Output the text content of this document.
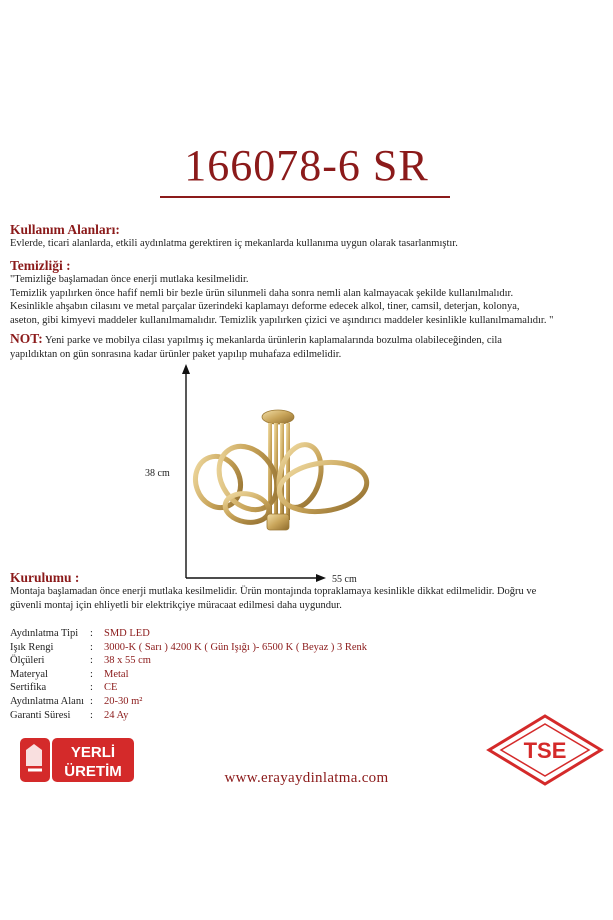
166078-6 SR
Kullanım Alanları:
Evlerde, ticari alanlarda, etkili aydınlatma gerektiren iç mekanlarda kullanıma uygun olarak tasarlanmıştır.
Temizliği :
"Temizliğe başlamadan önce enerji mutlaka kesilmelidir.
Temizlik yapılırken önce hafif nemli bir bezle ürün silunmeli daha sonra nemli alan kalmayacak şekilde kullanılmalıdır.
Kesinlikle ahşabın cilasını ve metal parçalar üzerindeki kaplamayı deforme edecek alkol, tiner, camsil, deterjan, kolonya,
aseton, gibi kimyevi maddeler kullanılmamalıdır. Temizlik yapılırken çizici ve aşındırıcı maddeler kesinlikle kullanılmamalıdır. "
NOT: Yeni parke ve mobilya cilası yapılmış iç mekanlarda ürünlerin kaplamalarında bozulma olabileceğinden, cila
yapıldıktan on gün sonrasına kadar ürünler paket yapılıp muhafaza edilmelidir.
38 cm
55 cm
Kurulumu :
Montaja başlamadan önce enerji mutlaka kesilmelidir. Ürün montajında topraklamaya kesinlikle dikkat edilmelidir. Doğru ve
güvenli montaj için ehliyetli bir elektrikçiye müracaat edilmesi daha uygundur.
Aydınlatma Tipi	:	SMD LED
Işık Rengi	:	3000-K ( Sarı ) 4200 K ( Gün Işığı )- 6500 K ( Beyaz ) 3 Renk
Ölçüleri	:	38 x 55 cm
Materyal	:	Metal
Sertifika	:	CE
Aydınlatma Alanı :	20-30 m²
Garanti Süresi	:	24 Ay
YERLİ
ÜRETİM	www.erayaydinlatma.com
TSE
